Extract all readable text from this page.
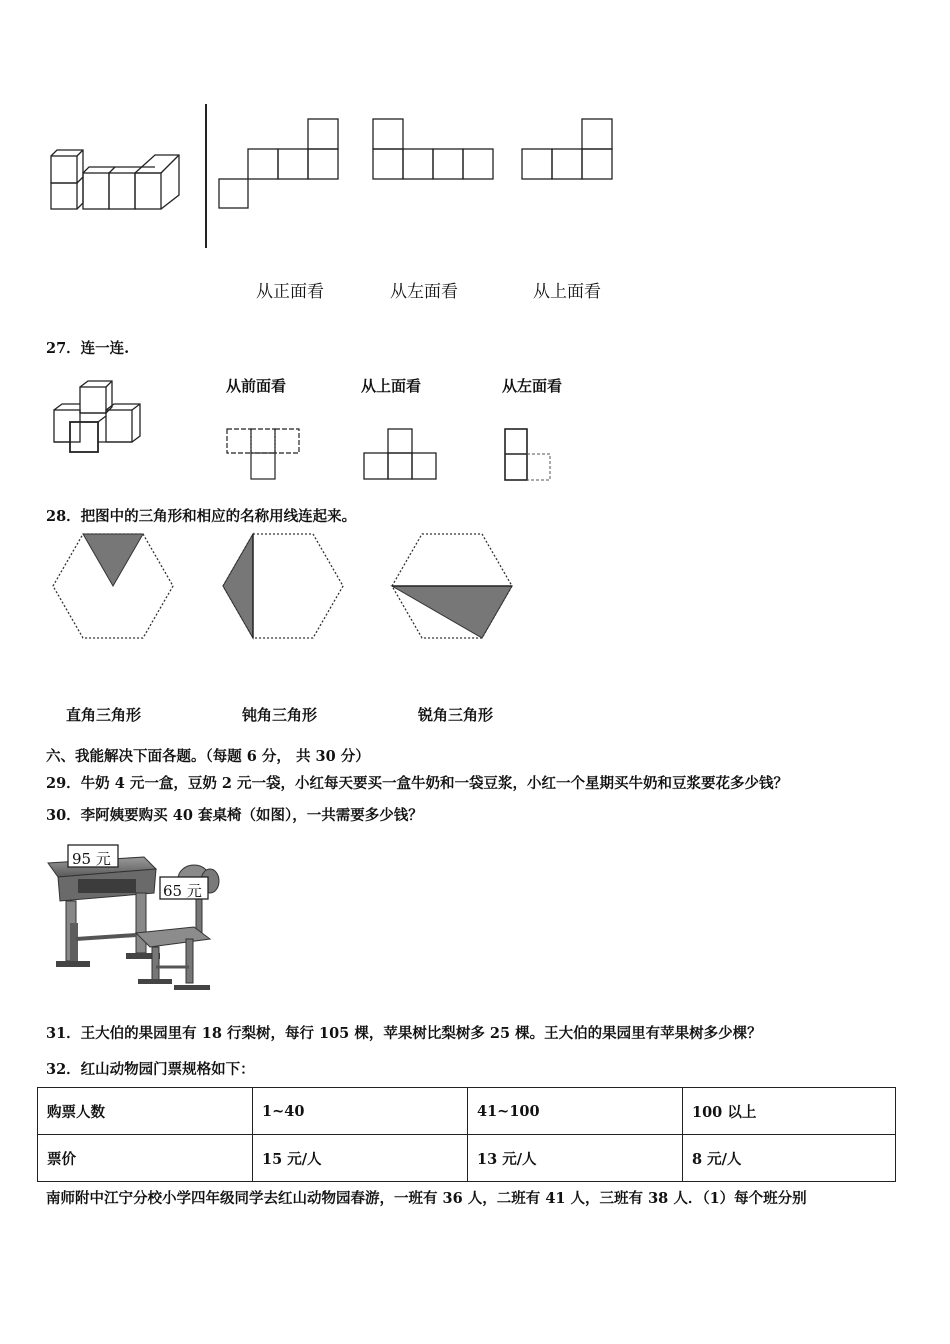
从正面看	从左面看	从上面看
27．连一连.
从前面看	从上面看	从左面看
28．把图中的三角形和相应的名称用线连起来。
直角三角形	钝角三角形	锐角三角形
六、我能解决下面各题。（每题 6 分， 共 30 分）
29．牛奶 4 元一盒，豆奶 2 元一袋，小红每天要买一盒牛奶和一袋豆浆，小红一个星期买牛奶和豆浆要花多少钱？
30．李阿姨要购买 40 套桌椅（如图），一共需要多少钱？
95 元
65 元
31．王大伯的果园里有 18 行梨树，每行 105 棵，苹果树比梨树多 25 棵。王大伯的果园里有苹果树多少棵？
32．红山动物园门票规格如下：
购票人数	1~40	41~100	100 以上
票价	15 元/人	13 元/人	8 元/人
南师附中江宁分校小学四年级同学去红山动物园春游，一班有 36 人，二班有 41 人，三班有 38 人．（1）每个班分别
